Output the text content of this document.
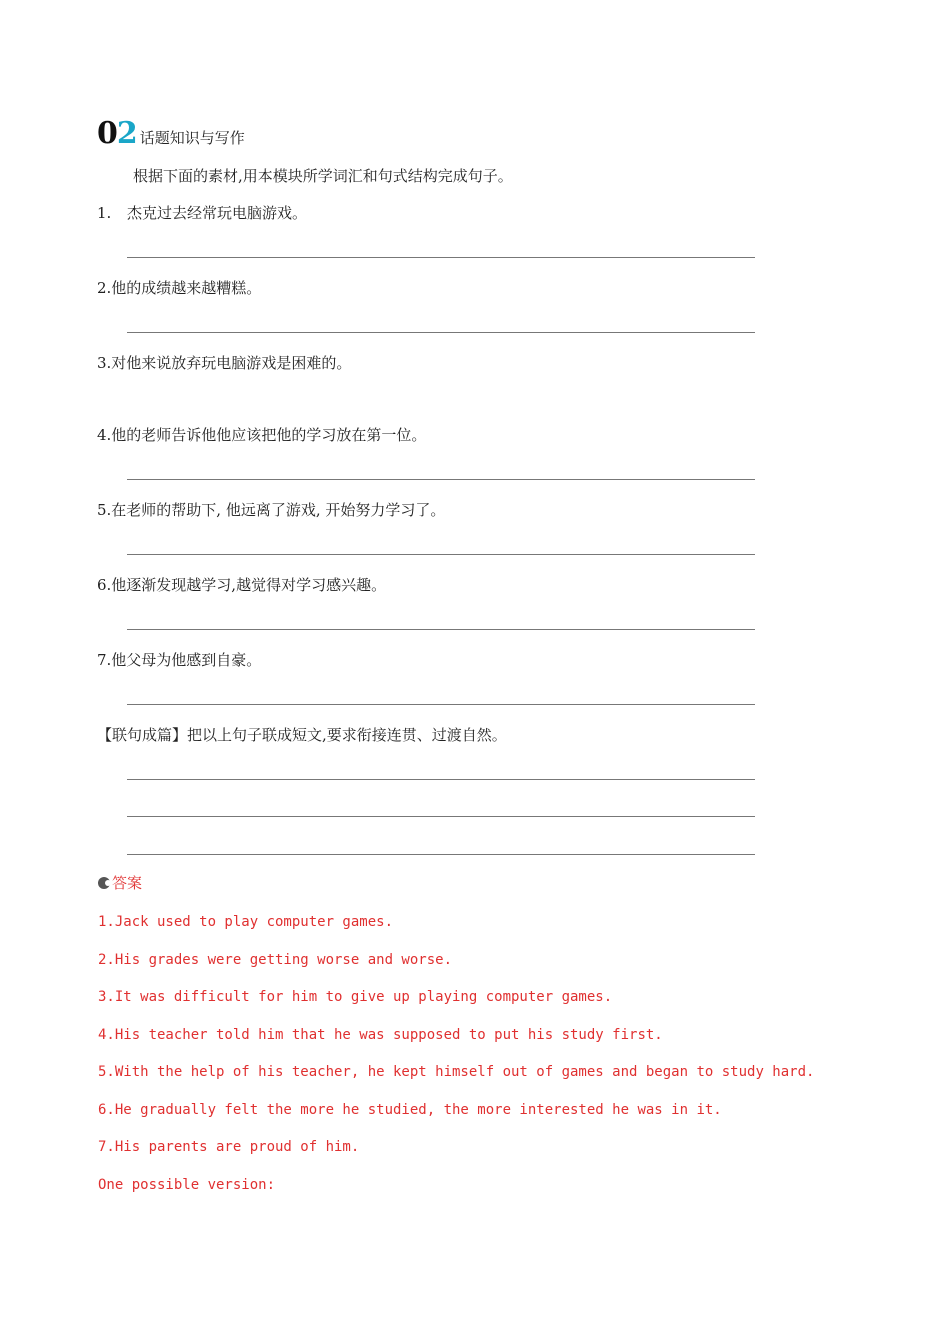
0 2 话题知识与写作
根据下面的素材,用本模块所学词汇和句式结构完成句子。
1. 杰克过去经常玩电脑游戏。
2.他的成绩越来越糟糕。
3.对他来说放弃玩电脑游戏是困难的。
4.他的老师告诉他他应该把他的学习放在第一位。
5.在老师的帮助下, 他远离了游戏, 开始努力学习了。
6.他逐渐发现越学习,越觉得对学习感兴趣。
7.他父母为他感到自豪。
【联句成篇】把以上句子联成短文,要求衔接连贯、过渡自然。
答案
1.Jack used to play computer games.
2.His grades were getting worse and worse.
3.It was difficult for him to give up playing computer games.
4.His teacher told him that he was supposed to put his study first.
5.With the help of his teacher, he kept himself out of games and began to study hard.
6.He gradually felt the more he studied, the more interested he was in it.
7.His parents are proud of him.
One possible version:
